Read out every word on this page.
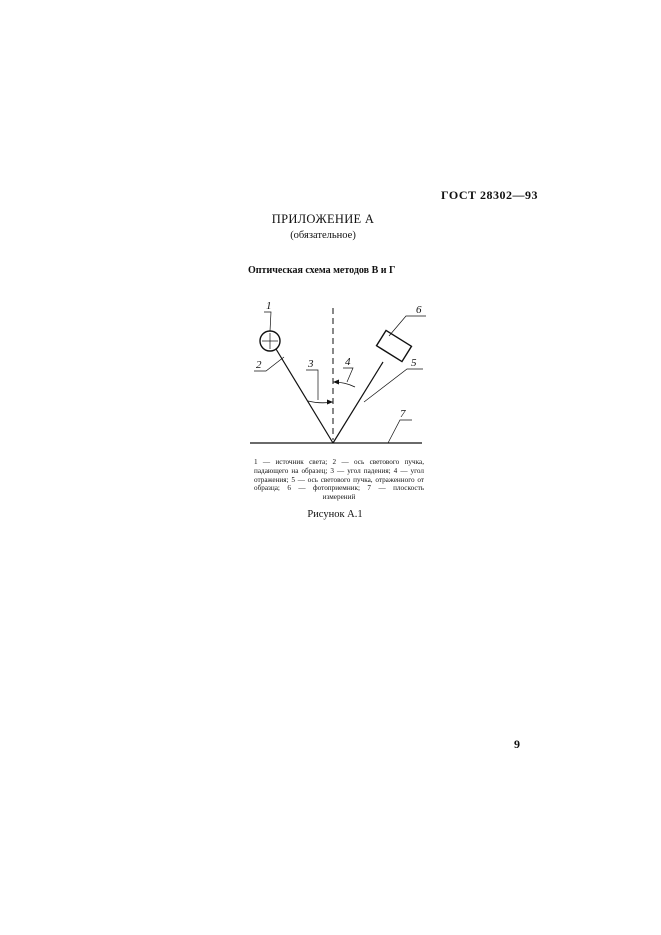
ГОСТ 28302—93
ПРИЛОЖЕНИЕ А
(обязательное)
Оптическая схема методов В и Г
1
2	3	4	5
6
7
1 — источник света; 2 — ось светового пучка, падающего на образец; 3 — угол падения; 4 — угол отражения; 5 — ось светового пучка, отраженного от образца; 6 — фотоприемник; 7 — плоскость измерений
Рисунок А.1
9
